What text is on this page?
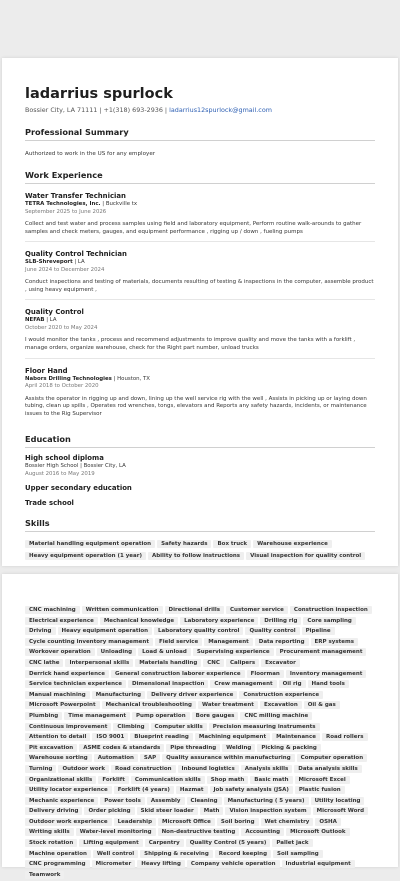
ladarrius spurlock
Bossier City, LA 71111 | +1(318) 693-2936 | ladarrius12spurlock@gmail.com
Professional Summary
Authorized to work in the US for any employer
Work Experience
Water Transfer Technician
TETRA Technologies, Inc. | Buckville tx
September 2025 to June 2026
Collect and test water and process samples using field and laboratory equipment, Perform routine walk-arounds to gather samples and check meters, gauges, and equipment performance , rigging up / down , fueling pumps
Quality Control Technician
SLB-Shreveport | LA
June 2024 to December 2024
Conduct inspections and testing of materials, documents resulting of testing & inspections in the computer, assemble product , using heavy equipment ,
Quality Control
NEFAB | LA
October 2020 to May 2024
I would monitor the tanks , process and recommend adjustments to improve quality and move the tanks with a forklift , manage orders, organize warehouse, check for the Right part number, unload trucks
Floor Hand
Nabors Drilling Technologies | Houston, TX
April 2018 to October 2020
Assists the operator in rigging up and down, lining up the well service rig with the well , Assists in picking up or laying down tubing, clean up spills , Operates rod wrenches, tongs, elevators and Reports any safety hazards, incidents, or maintenance issues to the Rig Supervisor
Education
High school diploma
Bossier High School | Bossier City, LA
August 2016 to May 2019
Upper secondary education
Trade school
Skills
Material handling equipment operation Safety hazards Box truck Warehouse experienceHeavy equipment operation (1 year) Ability to follow instructions Visual inspection for quality control
CNC machining Written communication Directional drills Customer service Construction inspectionElectrical experience Mechanical knowledge Laboratory experience Drilling rig Core samplingDriving Heavy equipment operation Laboratory quality control Quality control PipelineCycle counting inventory management Field service Management Data reporting ERP systemsWorkover operation Unloading Load & unload Supervising experience Procurement managementCNC lathe Interpersonal skills Materials handling CNC Calipers ExcavatorDerrick hand experience General construction laborer experience Floorman Inventory managementService technician experience Dimensional inspection Crew management Oil rig Hand toolsManual machining Manufacturing Delivery driver experience Construction experienceMicrosoft Powerpoint Mechanical troubleshooting Water treatment Excavation Oil & gasPlumbing Time management Pump operation Bore gauges CNC milling machineContinuous improvement Climbing Computer skills Precision measuring instrumentsAttention to detail ISO 9001 Blueprint reading Machining equipment Maintenance Road rollersPit excavation ASME codes & standards Pipe threading Welding Picking & packingWarehouse sorting Automation SAP Quality assurance within manufacturing Computer operationTurning Outdoor work Road construction Inbound logistics Analysis skills Data analysis skillsOrganizational skills Forklift Communication skills Shop math Basic math Microsoft ExcelUtility locator experience Forklift (4 years) Hazmat Job safety analysis (JSA) Plastic fusionMechanic experience Power tools Assembly Cleaning Manufacturing ( 5 years) Utility locatingDelivery driving Order picking Skid steer loader Math Vision inspection system Microsoft WordOutdoor work experience Leadership Microsoft Office Soil boring Wet chemistry OSHAWriting skills Water-level monitoring Non-destructive testing Accounting Microsoft OutlookStock rotation Lifting equipment Carpentry Quality Control (5 years) Pallet jackMachine operation Well control Shipping & receiving Record keeping Soil samplingCNC programming Micrometer Heavy lifting Company vehicle operation Industrial equipmentTeamwork
